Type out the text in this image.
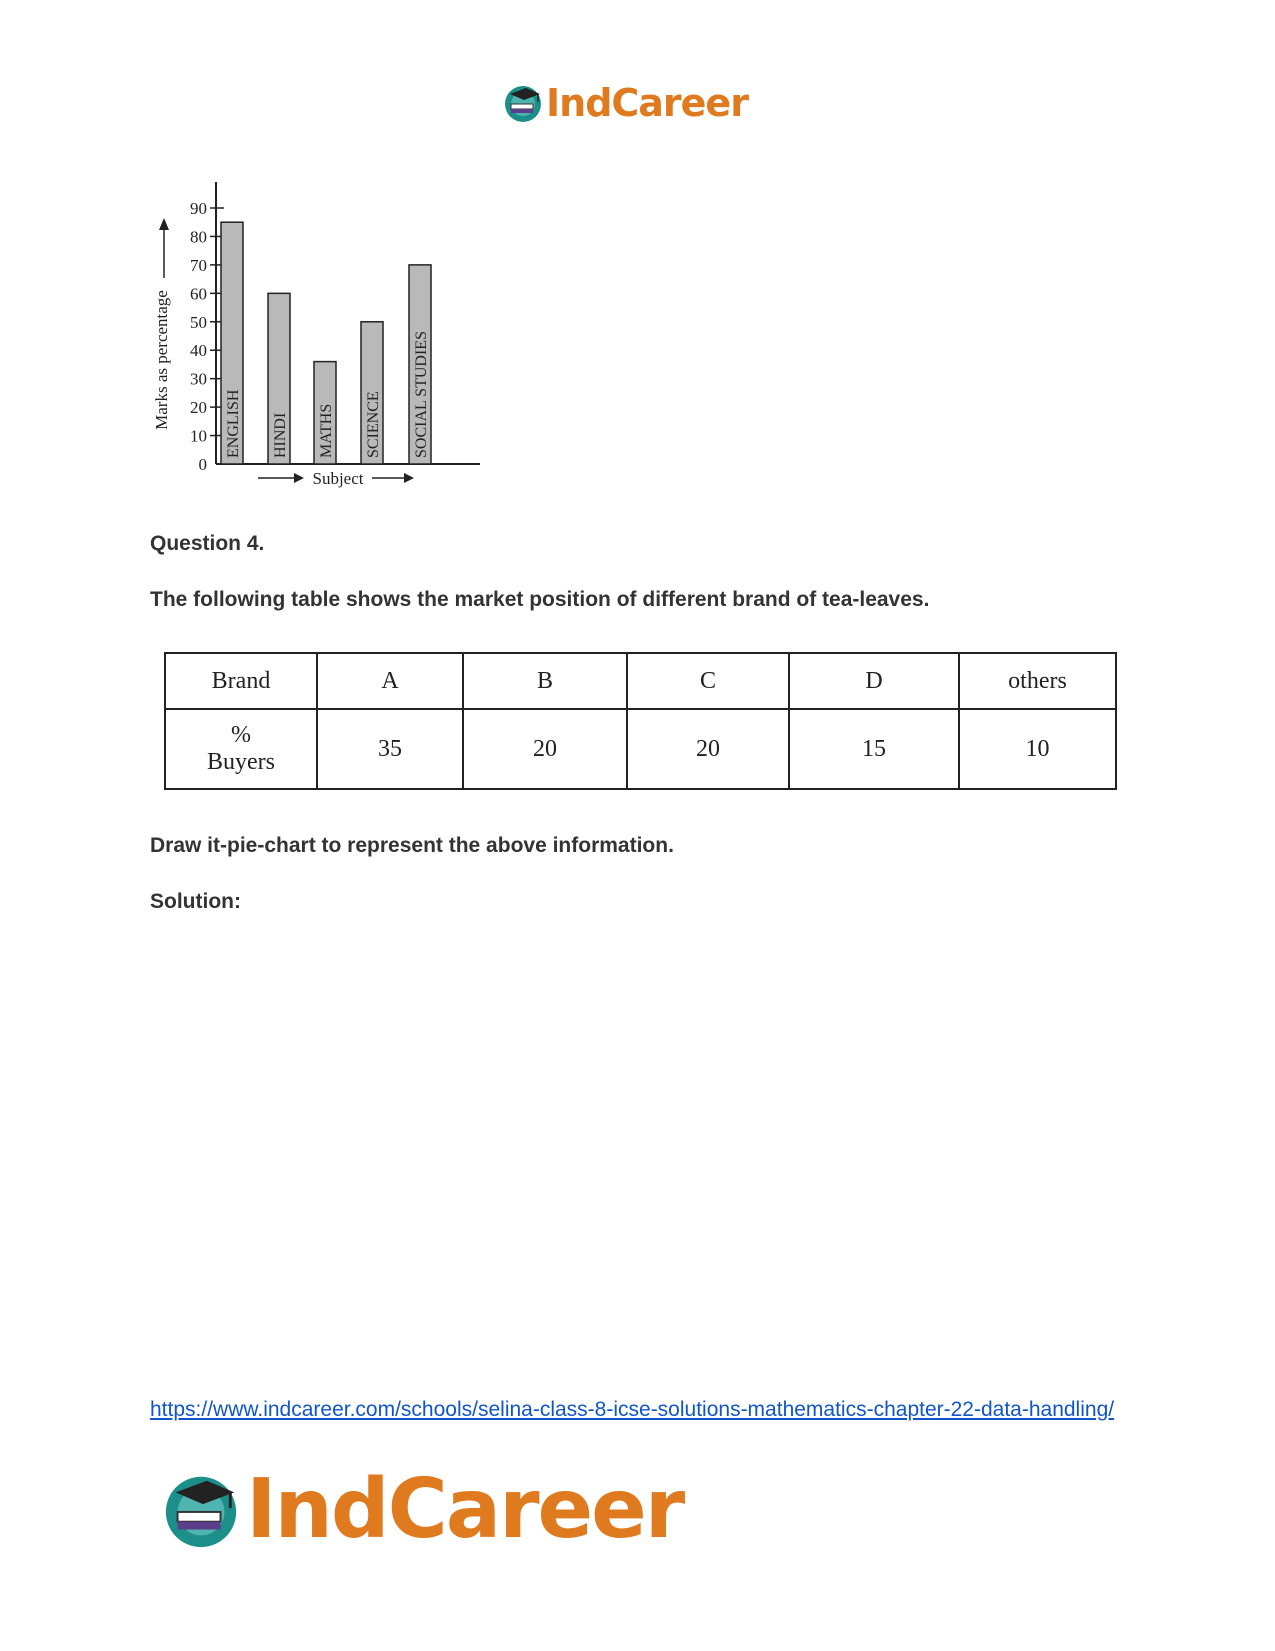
IndCareer
0
10
20
30
40
50
60
70
80
90
Marks as percentage	ENGLISH HINDI MATHS SCIENCE SOCIAL STUDIES
Subject

Question 4.

The following table shows the market position of different brand of tea-leaves.

Brand	A	B	C	D	others

%
Buyers	35	20	20	15	10

Draw it-pie-chart to represent the above information.

Solution:

https://www.indcareer.com/schools/selina-class-8-icse-solutions-mathematics-chapter-22-data-handling/
IndCareer
